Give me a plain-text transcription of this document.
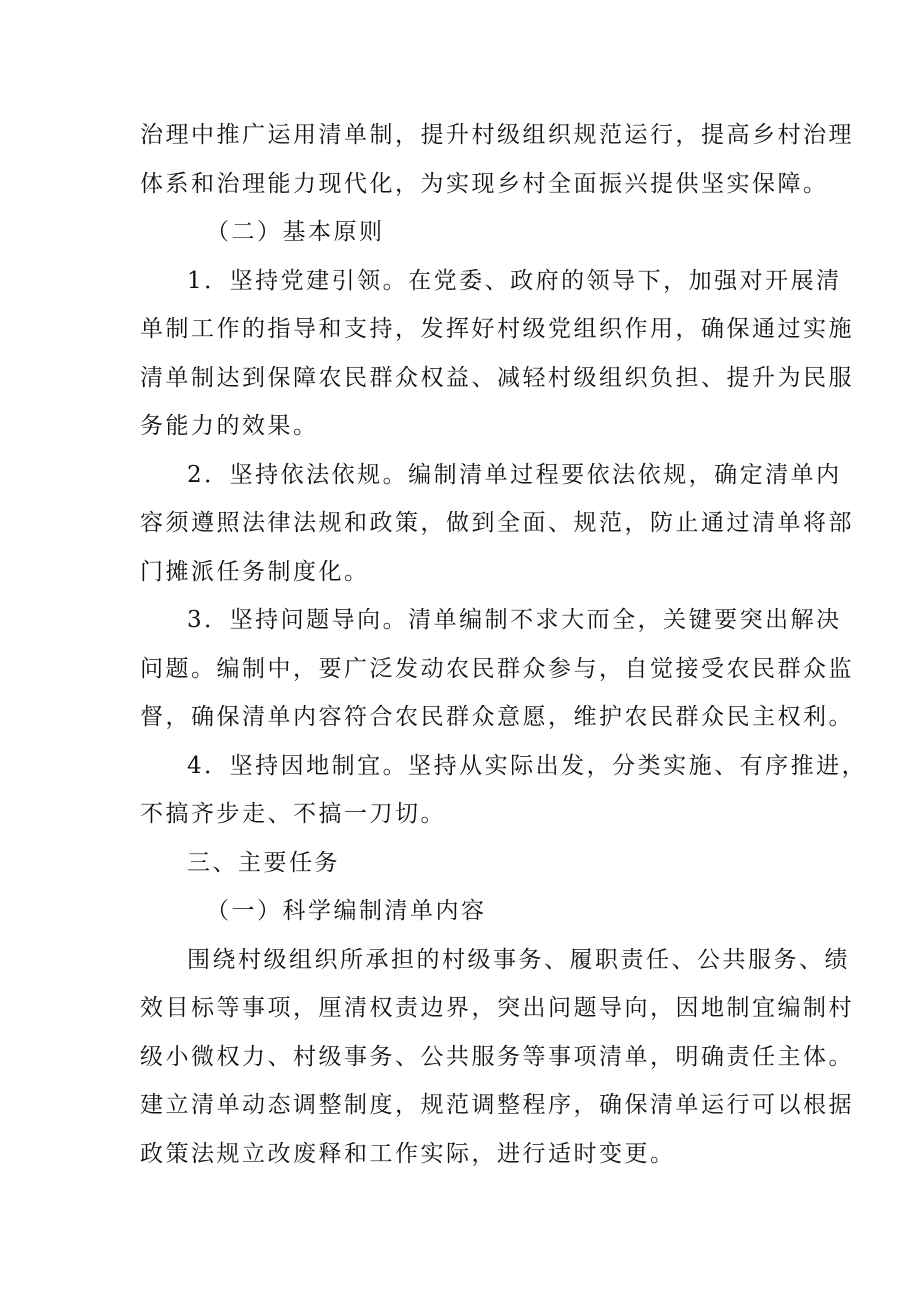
治理中推广运用清单制，提升村级组织规范运行，提高乡村治理

体系和治理能力现代化，为实现乡村全面振兴提供坚实保障。

（二）基本原则

1．坚持党建引领。在党委、政府的领导下，加强对开展清

单制工作的指导和支持，发挥好村级党组织作用，确保通过实施

清单制达到保障农民群众权益、减轻村级组织负担、提升为民服

务能力的效果。

2．坚持依法依规。编制清单过程要依法依规，确定清单内

容须遵照法律法规和政策，做到全面、规范，防止通过清单将部

门摊派任务制度化。

3．坚持问题导向。清单编制不求大而全，关键要突出解决

问题。编制中，要广泛发动农民群众参与，自觉接受农民群众监

督，确保清单内容符合农民群众意愿，维护农民群众民主权利。

4．坚持因地制宜。坚持从实际出发，分类实施、有序推进，

不搞齐步走、不搞一刀切。

三、主要任务

（一）科学编制清单内容

围绕村级组织所承担的村级事务、履职责任、公共服务、绩

效目标等事项，厘清权责边界，突出问题导向，因地制宜编制村

级小微权力、村级事务、公共服务等事项清单，明确责任主体。

建立清单动态调整制度，规范调整程序，确保清单运行可以根据

政策法规立改废释和工作实际，进行适时变更。
